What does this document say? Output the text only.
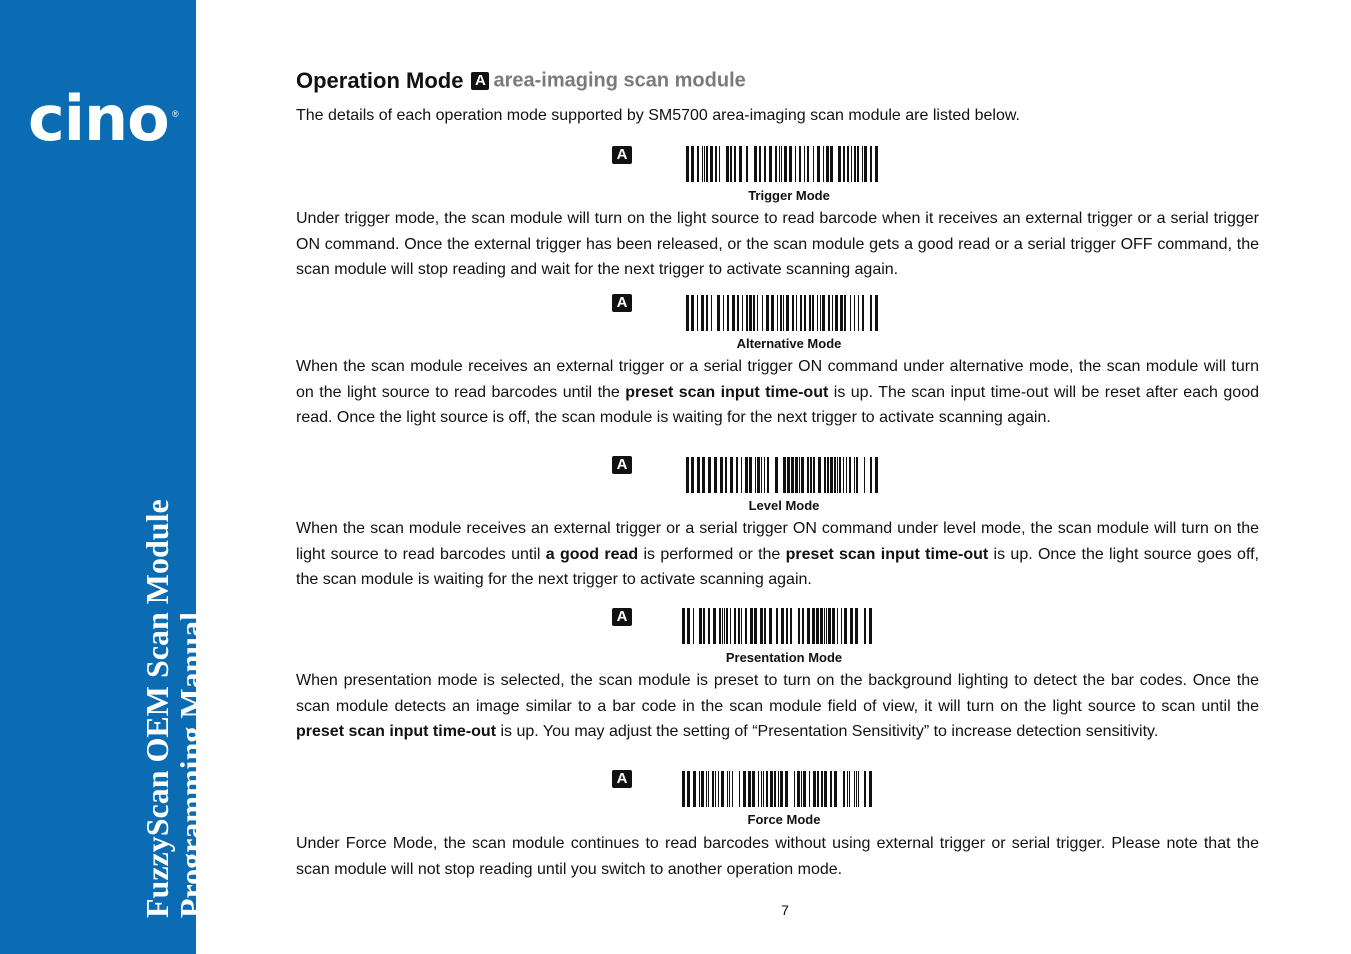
cino ®
FuzzyScan OEM Scan Module
Programming Manual
Operation Mode A area-imaging scan module
The details of each operation mode supported by SM5700 area-imaging scan module are listed below.
A
Trigger Mode

Under trigger mode, the scan module will turn on the light source to read barcode when it receives an external trigger or a serial trigger ON command. Once the external trigger has been released, or the scan module gets a good read or a serial trigger OFF command, the scan module will stop reading and wait for the next trigger to activate scanning again.

A
Alternative Mode

When the scan module receives an external trigger or a serial trigger ON command under alternative mode, the scan module will turn on the light source to read barcodes until the preset scan input time-out is up. The scan input time-out will be reset after each good read. Once the light source is off, the scan module is waiting for the next trigger to activate scanning again.

A
Level Mode

When the scan module receives an external trigger or a serial trigger ON command under level mode, the scan module will turn on the light source to read barcodes until a good read is performed or the preset scan input time-out is up. Once the light source goes off, the scan module is waiting for the next trigger to activate scanning again.

A
Presentation Mode

When presentation mode is selected, the scan module is preset to turn on the background lighting to detect the bar codes. Once the scan module detects an image similar to a bar code in the scan module field of view, it will turn on the light source to scan until the preset scan input time-out is up. You may adjust the setting of “Presentation Sensitivity” to increase detection sensitivity.

A
Force Mode

Under Force Mode, the scan module continues to read barcodes without using external trigger or serial trigger. Please note that the scan module will not stop reading until you switch to another operation mode.

7
